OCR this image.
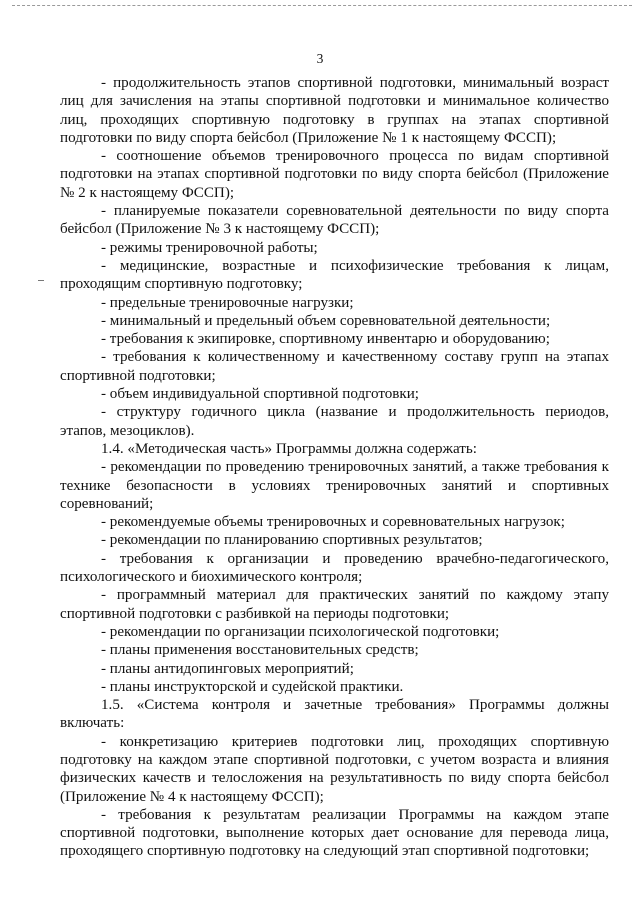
3

- продолжительность этапов спортивной подготовки, минимальный возраст лиц для зачисления на этапы спортивной подготовки и минимальное количество лиц, проходящих спортивную подготовку в группах на этапах спортивной подготовки по виду спорта бейсбол (Приложение № 1 к настоящему ФССП);

- соотношение объемов тренировочного процесса по видам спортивной подготовки на этапах спортивной подготовки по виду спорта бейсбол (Приложение № 2 к настоящему ФССП);

- планируемые показатели соревновательной деятельности по виду спорта бейсбол (Приложение № 3 к настоящему ФССП);

- режимы тренировочной работы;

- медицинские, возрастные и психофизические требования к лицам, проходящим спортивную подготовку;

- предельные тренировочные нагрузки;

- минимальный и предельный объем соревновательной деятельности;

- требования к экипировке, спортивному инвентарю и оборудованию;

- требования к количественному и качественному составу групп на этапах спортивной подготовки;

- объем индивидуальной спортивной подготовки;

- структуру годичного цикла (название и продолжительность периодов, этапов, мезоциклов).

1.4. «Методическая часть» Программы должна содержать:

- рекомендации по проведению тренировочных занятий, а также требования к технике безопасности в условиях тренировочных занятий и спортивных соревнований;

- рекомендуемые объемы тренировочных и соревновательных нагрузок;

- рекомендации по планированию спортивных результатов;

- требования к организации и проведению врачебно-педагогического, психологического и биохимического контроля;

- программный материал для практических занятий по каждому этапу спортивной подготовки с разбивкой на периоды подготовки;

- рекомендации по организации психологической подготовки;

- планы применения восстановительных средств;

- планы антидопинговых мероприятий;

- планы инструкторской и судейской практики.

1.5. «Система контроля и зачетные требования» Программы должны включать:

- конкретизацию критериев подготовки лиц, проходящих спортивную подготовку на каждом этапе спортивной подготовки, с учетом возраста и влияния физических качеств и телосложения на результативность по виду спорта бейсбол (Приложение № 4 к настоящему ФССП);

- требования к результатам реализации Программы на каждом этапе спортивной подготовки, выполнение которых дает основание для перевода лица, проходящего спортивную подготовку на следующий этап спортивной подготовки;
